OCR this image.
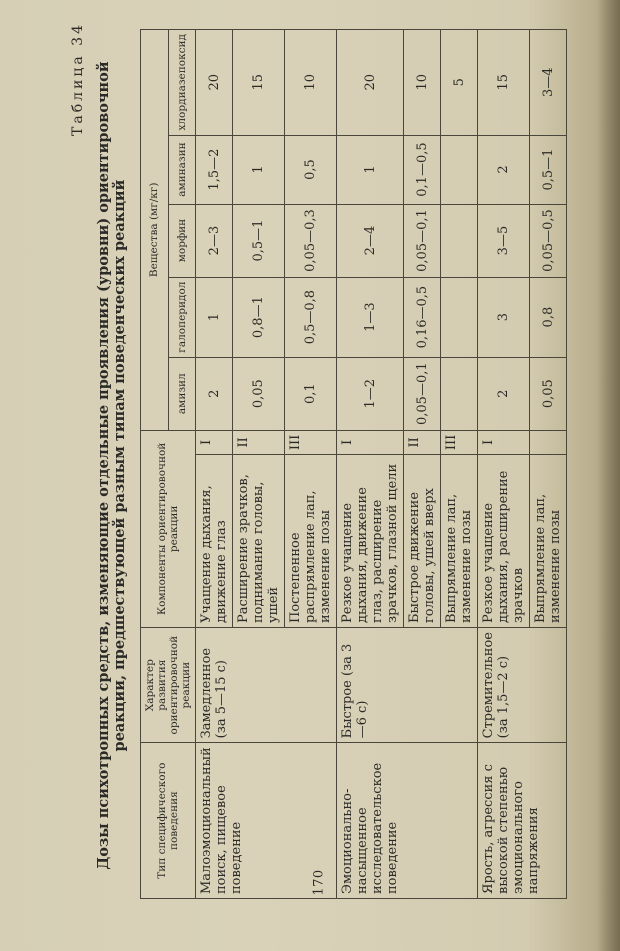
Таблица 34 Дозы психотропных средств, изменяющие отдельные проявления (уровни) ориентировочной реакции, предшествующей разным типам поведенческих реакций
Тип специфического поведения	Характер развития ориентировочной реакции	Компоненты ориентировочной реакции		Вещества (мг/кг)				
				амизил	галоперидол	морфин	аминазин	хлордиазепоксид
Малоэмоциональный поиск, пищевое поведение	Замедленное (за 5—15 с)	Учащение дыхания, движение глаз	I	2	1	2—3	1,5—2	20
		Расширение зрачков, поднимание головы, ушей	II	0,05	0,8—1	0,5—1	1	15
		Постепенное распрямление лап, изменение позы	III	0,1	0,5—0,8	0,05—0,3	0,5	10
Эмоционально-насыщенное исследовательское поведение	Быстрое (за 3—6 с)	Резкое учащение дыхания, движение глаз, расширение зрачков, глазной щели	I	1—2	1—3	2—4	1	20
		Быстрое движение головы, ушей вверх	II	0,05—0,1	0,16—0,5	0,05—0,1	0,1—0,5	10
		Выпрямление лап, изменение позы	III					5
Ярость, агрессия с высокой степенью эмоционального напряжения	Стремительное (за 1,5—2 с)	Резкое учащение дыхания, расширение зрачков	I	2	3	3—5	2	15
		Выпрямление лап, изменение позы		0,05	0,8	0,05—0,5	0,5—1	3—4
170
